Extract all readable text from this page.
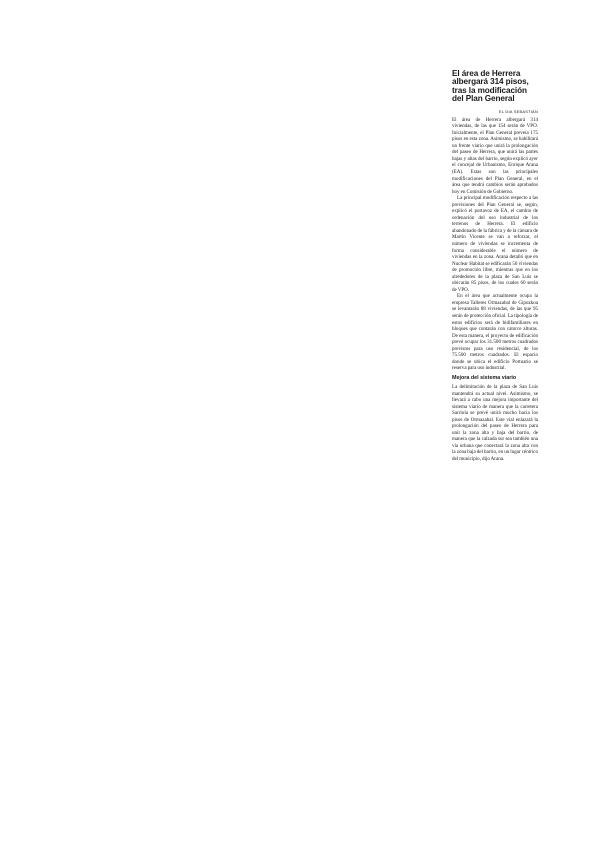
El área de Herrera albergará 314 pisos, tras la modificación del Plan General
EL DIA SEBASTIÁN

El área de Herrera albergará 314 viviendas, de las que 154 serán de VPO. Inicialmente, el Plan General preveía 175 pisos en esta zona. Asimismo, se habilitará un frente viario que unirá la prolongación del paseo de Herrera, que unirá las partes bajas y altas del barrio, según explicó ayer el concejal de Urbanismo, Enrique Arana (EA). Estas son las principales modificaciones del Plan General, en el área que tendrá cambios serán aprobados hoy en Comisión de Gobierno.

La principal modificación respecto a las previsiones del Plan General se, según, explicó el portavoz de EA, el cambio de ordenación del uso industrial de los terrenos de Herrera. El edificio abandonado de la fábrica y de la cámara de Martín Vicente se van a reforzar, el número de viviendas se incrementa de forma considerable el número de viviendas en la zona. Arana detalló que en Nuclear Habitat se edificarán 50 viviendas de promoción libre, mientras que en los alrededores de la plaza de San Luis se ubicarán 85 pisos, de los cuales 60 serán de VPO.

En el área que actualmente ocupa la empresa Talleres Ormazabal de Gipuzkoa se levantarán 88 viviendas, de las que 95 serán de protección oficial. La tipología de estos edificios será de bidifamiliares en bloques que contarán con catorce alturas. De esta manera, el proyecto de edificación prevé ocupar los 31.500 metros cuadrados previstos para uso residencial, de los 75.500 metros cuadrados. El espacio donde se ubica el edificio Portuario se reserva para uso industrial.

Mejora del sistema viario

La delimitación de la plaza de San Luis mantendrá su actual nivel. Asimismo, se llevará a cabo una mejora importante del sistema viario de manera que la carretera Sarriola se prevé unirá mucho hacia los pisos de Ormazabal. Este vial enlazará la prolongación del paseo de Herrera para unir la zona alta y baja del barrio, de manera que la calzada sur sea también una vía urbana que conectará la zona alta con la zona baja del barrio, en un lugar céntrico del municipio, dijo Arana.
